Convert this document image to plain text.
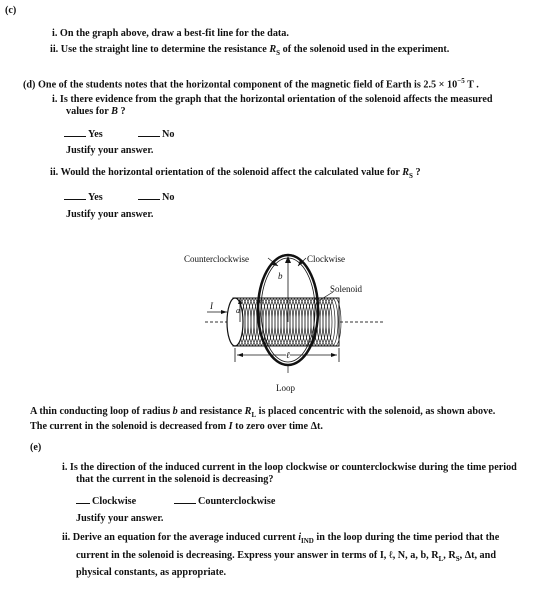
(c)
i. On the graph above, draw a best-fit line for the data.
ii. Use the straight line to determine the resistance $R_S$ of the solenoid used in the experiment.
(d) One of the students notes that the horizontal component of the magnetic field of Earth is $2.5 \times 10^{-5}$ T .
i. Is there evidence from the graph that the horizontal orientation of the solenoid affects the measured
values for B ?
Yes	No
Justify your answer.
ii. Would the horizontal orientation of the solenoid affect the calculated value for $R_S$ ?
Yes	No
Justify your answer.
Counterclockwise	Clockwise
Solenoid
b
a
I
ℓ
Loop
A thin conducting loop of radius b and resistance $R_L$ is placed concentric with the solenoid, as shown above.
The current in the solenoid is decreased from I to zero over time Δt.
(e)
i. Is the direction of the induced current in the loop clockwise or counterclockwise during the time period
that the current in the solenoid is decreasing?
Clockwise	Counterclockwise
Justify your answer.
ii. Derive an equation for the average induced current $i_{IND}$ in the loop during the time period that the
current in the solenoid is decreasing. Express your answer in terms of I, ℓ, N, a, b, $R_L$, $R_S$, Δt, and
physical constants, as appropriate.
